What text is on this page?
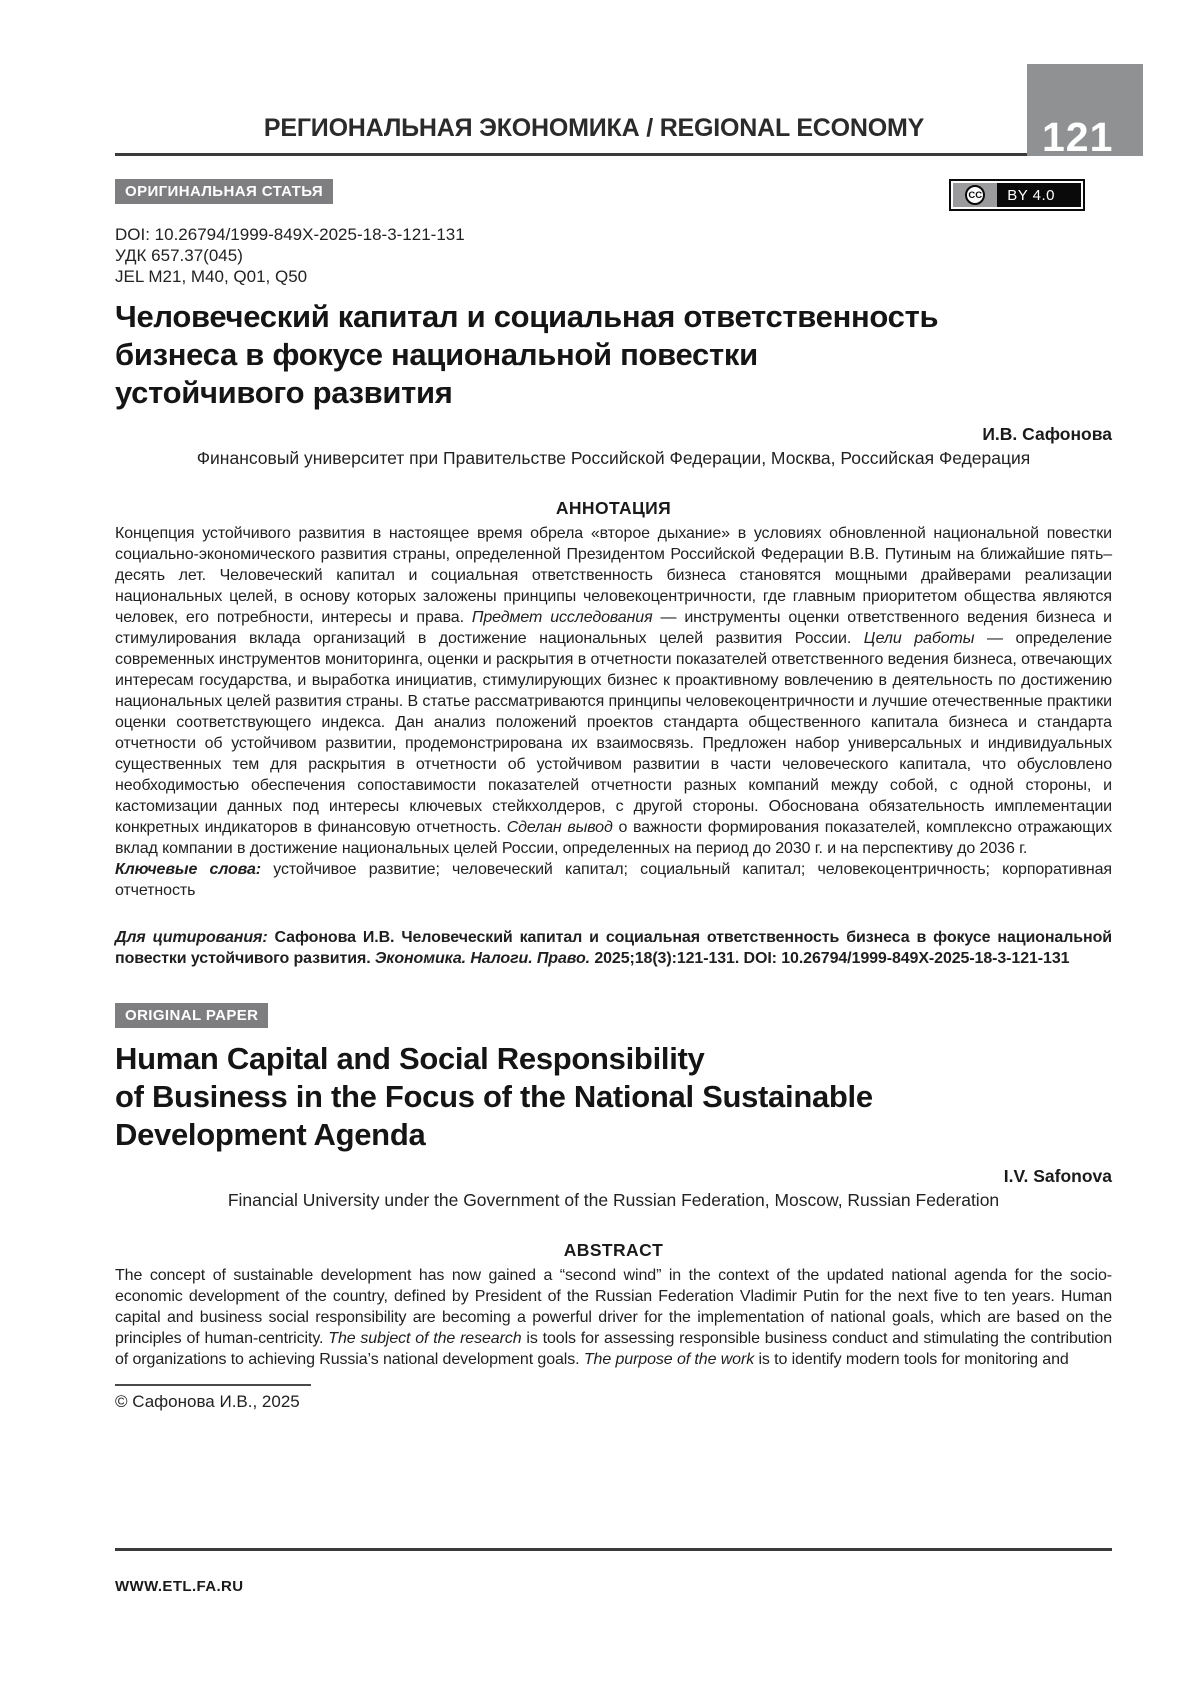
РЕГИОНАЛЬНАЯ ЭКОНОМИКА / REGIONAL ECONOMY	121
ОРИГИНАЛЬНАЯ СТАТЬЯ	CC	BY 4.0
DOI: 10.26794/1999-849X-2025-18-3-121-131
УДК 657.37(045)
JEL M21, M40, Q01, Q50
Человеческий капитал и социальная ответственность
бизнеса в фокусе национальной повестки
устойчивого развития
И.В. Сафонова
Финансовый университет при Правительстве Российской Федерации, Москва, Российская Федерация
АННОТАЦИЯ

Концепция устойчивого развития в настоящее время обрела «второе дыхание» в условиях обновленной национальной повестки социально-экономического развития страны, определенной Президентом Российской Федерации В.В. Путиным на ближайшие пять–десять лет. Человеческий капитал и социальная ответственность бизнеса становятся мощными драйверами реализации национальных целей, в основу которых заложены принципы человекоцентричности, где главным приоритетом общества являются человек, его потребности, интересы и права. Предмет исследования — инструменты оценки ответственного ведения бизнеса и стимулирования вклада организаций в достижение национальных целей развития России. Цели работы — определение современных инструментов мониторинга, оценки и раскрытия в отчетности показателей ответственного ведения бизнеса, отвечающих интересам государства, и выработка инициатив, стимулирующих бизнес к проактивному вовлечению в деятельность по достижению национальных целей развития страны. В статье рассматриваются принципы человекоцентричности и лучшие отечественные практики оценки соответствующего индекса. Дан анализ положений проектов стандарта общественного капитала бизнеса и стандарта отчетности об устойчивом развитии, продемонстрирована их взаимосвязь. Предложен набор универсальных и индивидуальных существенных тем для раскрытия в отчетности об устойчивом развитии в части человеческого капитала, что обусловлено необходимостью обеспечения сопоставимости показателей отчетности разных компаний между собой, с одной стороны, и кастомизации данных под интересы ключевых стейкхолдеров, с другой стороны. Обоснована обязательность имплементации конкретных индикаторов в финансовую отчетность. Сделан вывод о важности формирования показателей, комплексно отражающих вклад компании в достижение национальных целей России, определенных на период до 2030 г. и на перспективу до 2036 г.

Ключевые слова: устойчивое развитие; человеческий капитал; социальный капитал; человекоцентричность; корпоративная отчетность

Для цитирования: Сафонова И.В. Человеческий капитал и социальная ответственность бизнеса в фокусе национальной повестки устойчивого развития. Экономика. Налоги. Право. 2025;18(3):121-131. DOI: 10.26794/1999-849X-2025-18-3-121-131

ORIGINAL PAPER
Human Capital and Social Responsibility
of Business in the Focus of the National Sustainable
Development Agenda
I.V. Safonova
Financial University under the Government of the Russian Federation, Moscow, Russian Federation
ABSTRACT

The concept of sustainable development has now gained a “second wind” in the context of the updated national agenda for the socio-economic development of the country, defined by President of the Russian Federation Vladimir Putin for the next five to ten years. Human capital and business social responsibility are becoming a powerful driver for the implementation of national goals, which are based on the principles of human-centricity. The subject of the research is tools for assessing responsible business conduct and stimulating the contribution of organizations to achieving Russia’s national development goals. The purpose of the work is to identify modern tools for monitoring and

© Сафонова И.В., 2025
WWW.ETL.FA.RU
